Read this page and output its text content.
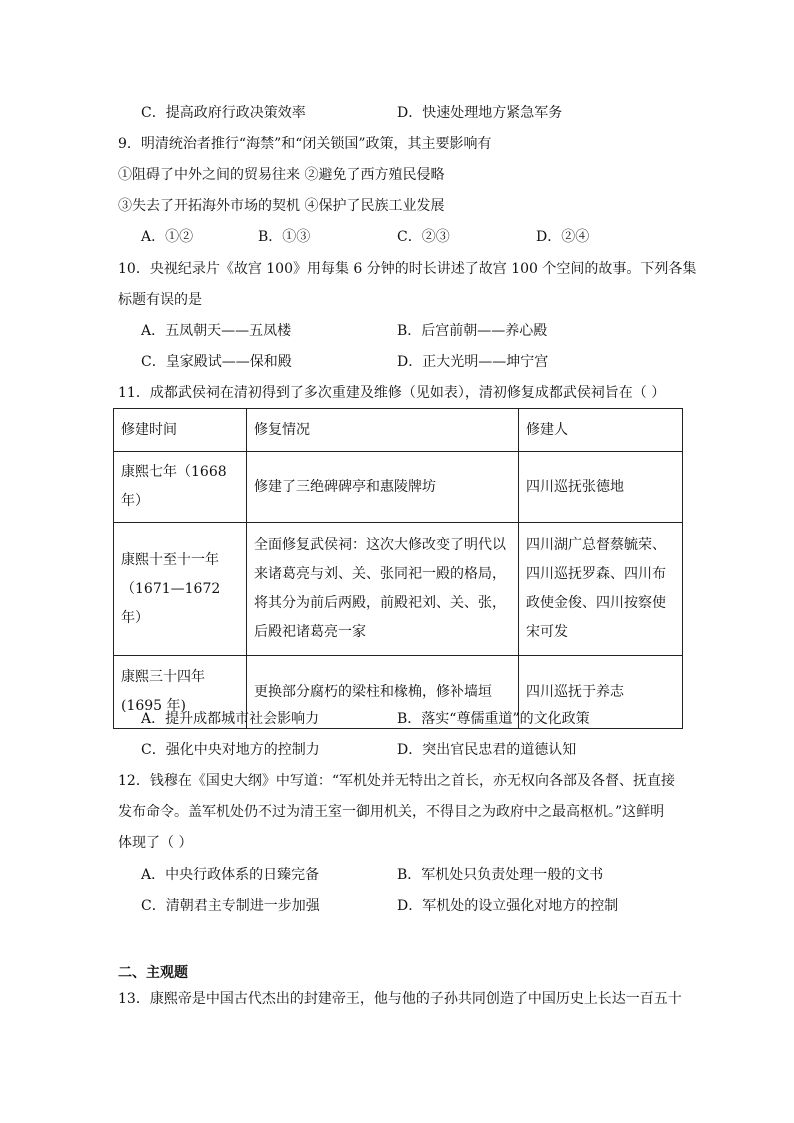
C．提高政府行政决策效率	D．快速处理地方紧急军务
9．明清统治者推行“海禁”和“闭关锁国”政策，其主要影响有
①阻碍了中外之间的贸易往来 ②避免了西方殖民侵略
③失去了开拓海外市场的契机 ④保护了民族工业发展
A．①②	B．①③	C．②③	D．②④
10．央视纪录片《故宫 100》用每集 6 分钟的时长讲述了故宫 100 个空间的故事。下列各集
标题有误的是
A．五凤朝天——五凤楼	B．后宫前朝——养心殿
C．皇家殿试——保和殿	D．正大光明——坤宁宫
11．成都武侯祠在清初得到了多次重建及维修（见如表），清初修复成都武侯祠旨在（ ）
修建时间	修复情况	修建人
康熙七年（1668 年）	修建了三绝碑碑亭和惠陵牌坊	四川巡抚张德地
康熙十至十一年（1671—1672 年）	全面修复武侯祠：这次大修改变了明代以来诸葛亮与刘、关、张同祀一殿的格局，将其分为前后两殿，前殿祀刘、关、张，后殿祀诸葛亮一家	四川湖广总督蔡毓荣、四川巡抚罗森、四川布政使金俊、四川按察使宋可发
康熙三十四年(1695 年)	更换部分腐朽的梁柱和椽桷，修补墙垣	四川巡抚于养志
A．提升成都城市社会影响力	B．落实“尊儒重道”的文化政策
C．强化中央对地方的控制力	D．突出官民忠君的道德认知
12．钱穆在《国史大纲》中写道：“军机处并无特出之首长，亦无权向各部及各督、抚直接
发布命令。盖军机处仍不过为清王室一御用机关，不得目之为政府中之最高枢机。”这鲜明
体现了（ ）
A．中央行政体系的日臻完备	B．军机处只负责处理一般的文书
C．清朝君主专制进一步加强	D．军机处的设立强化对地方的控制
二、主观题
13．康熙帝是中国古代杰出的封建帝王，他与他的子孙共同创造了中国历史上长达一百五十
